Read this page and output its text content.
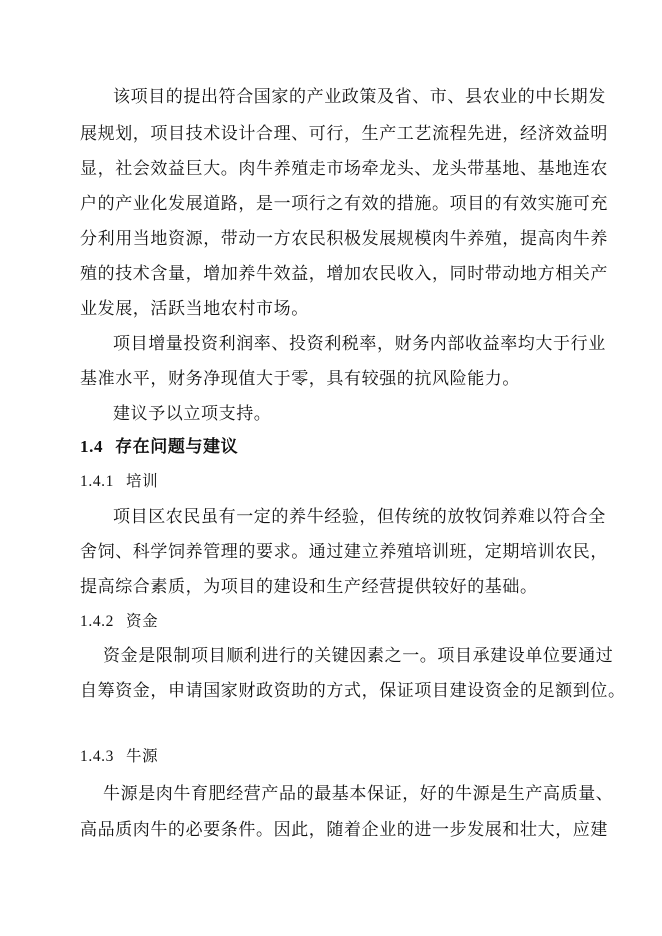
该项目的提出符合国家的产业政策及省、市、县农业的中长期发
展规划，项目技术设计合理、可行，生产工艺流程先进，经济效益明
显，社会效益巨大。肉牛养殖走市场牵龙头、龙头带基地、基地连农
户的产业化发展道路，是一项行之有效的措施。项目的有效实施可充
分利用当地资源，带动一方农民积极发展规模肉牛养殖，提高肉牛养
殖的技术含量，增加养牛效益，增加农民收入，同时带动地方相关产
业发展，活跃当地农村市场。
项目增量投资利润率、投资利税率，财务内部收益率均大于行业
基准水平，财务净现值大于零，具有较强的抗风险能力。
建议予以立项支持。
1.4 存在问题与建议
1.4.1 培训
项目区农民虽有一定的养牛经验，但传统的放牧饲养难以符合全
舍饲、科学饲养管理的要求。通过建立养殖培训班，定期培训农民，
提高综合素质，为项目的建设和生产经营提供较好的基础。
1.4.2 资金
资金是限制项目顺利进行的关键因素之一。项目承建设单位要通过
自筹资金，申请国家财政资助的方式，保证项目建设资金的足额到位。
1.4.3 牛源
牛源是肉牛育肥经营产品的最基本保证，好的牛源是生产高质量、
高品质肉牛的必要条件。因此，随着企业的进一步发展和壮大，应建
